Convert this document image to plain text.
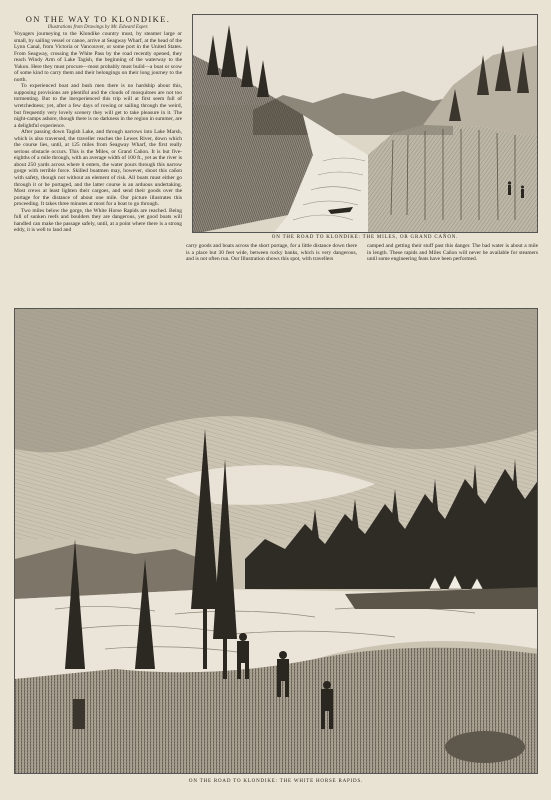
ON THE WAY TO KLONDIKE.
Illustrations from Drawings by Mr. Edward Esper.

Voyagers journeying to the Klondike country must, by steamer large or small, by sailing vessel or canoe, arrive at Seagway Wharf, at the head of the Lynn Canal, from Victoria or Vancouver, or some port in the United States. From Seagway, crossing the White Pass by the road recently opened, they reach Windy Arm of Lake Tagish, the beginning of the waterway to the Yukon. Here they must procure—most probably must build—a boat or scow of some kind to carry them and their belongings on their long journey to the north.

To experienced boat and bush men there is no hardship about this, supposing provisions are plentiful and the clouds of mosquitoes are not too tormenting. But to the inexperienced this trip will at first seem full of wretchedness; yet, after a few days of rowing or sailing through the weird, but frequently very lovely scenery they will get to take pleasure in it. The night-camps ashore, though there is no darkness in the region in summer, are a delightful experience.

After passing down Tagish Lake, and through narrows into Lake Marsh, which is also traversed, the traveller reaches the Lewes River, down which the course lies, until, at 125 miles from Seagway Wharf, the first really serious obstacle occurs. This is the Miles, or Grand Cañon. It is but five-eighths of a mile through, with an average width of 100 ft., yet as the river is about 250 yards across where it enters, the water pours through this narrow gorge with terrible force. Skilled boatmen may, however, shoot this cañon with safety, though not without an element of risk. All boats must either go through it or be portaged, and the latter course is an arduous undertaking. Most crews at least lighten their cargoes, and send their goods over the portage for the distance of about one mile. Our picture illustrates this proceeding. It takes three minutes at most for a boat to go through.

Two miles below the gorge, the White Horse Rapids are reached. Being full of sunken reefs and boulders they are dangerous, yet good boats will handled can make the passage safely, until, at a point where there is a strong eddy, it is well to land and

ON THE ROAD TO KLONDIKE: THE MILES, OR GRAND CAÑON.

carry goods and boats across the short portage, for a little distance down there is a place but 30 feet wide, between rocky banks, which is very dangerous, and is not often run. Our Illustration shows this spot, with travellers

camped and getting their stuff past this danger. The bad water is about a mile in length. These rapids and Miles Cañon will never be available for steamers until some engineering feats have been performed.

ON THE ROAD TO KLONDIKE: THE WHITE HORSE RAPIDS.
